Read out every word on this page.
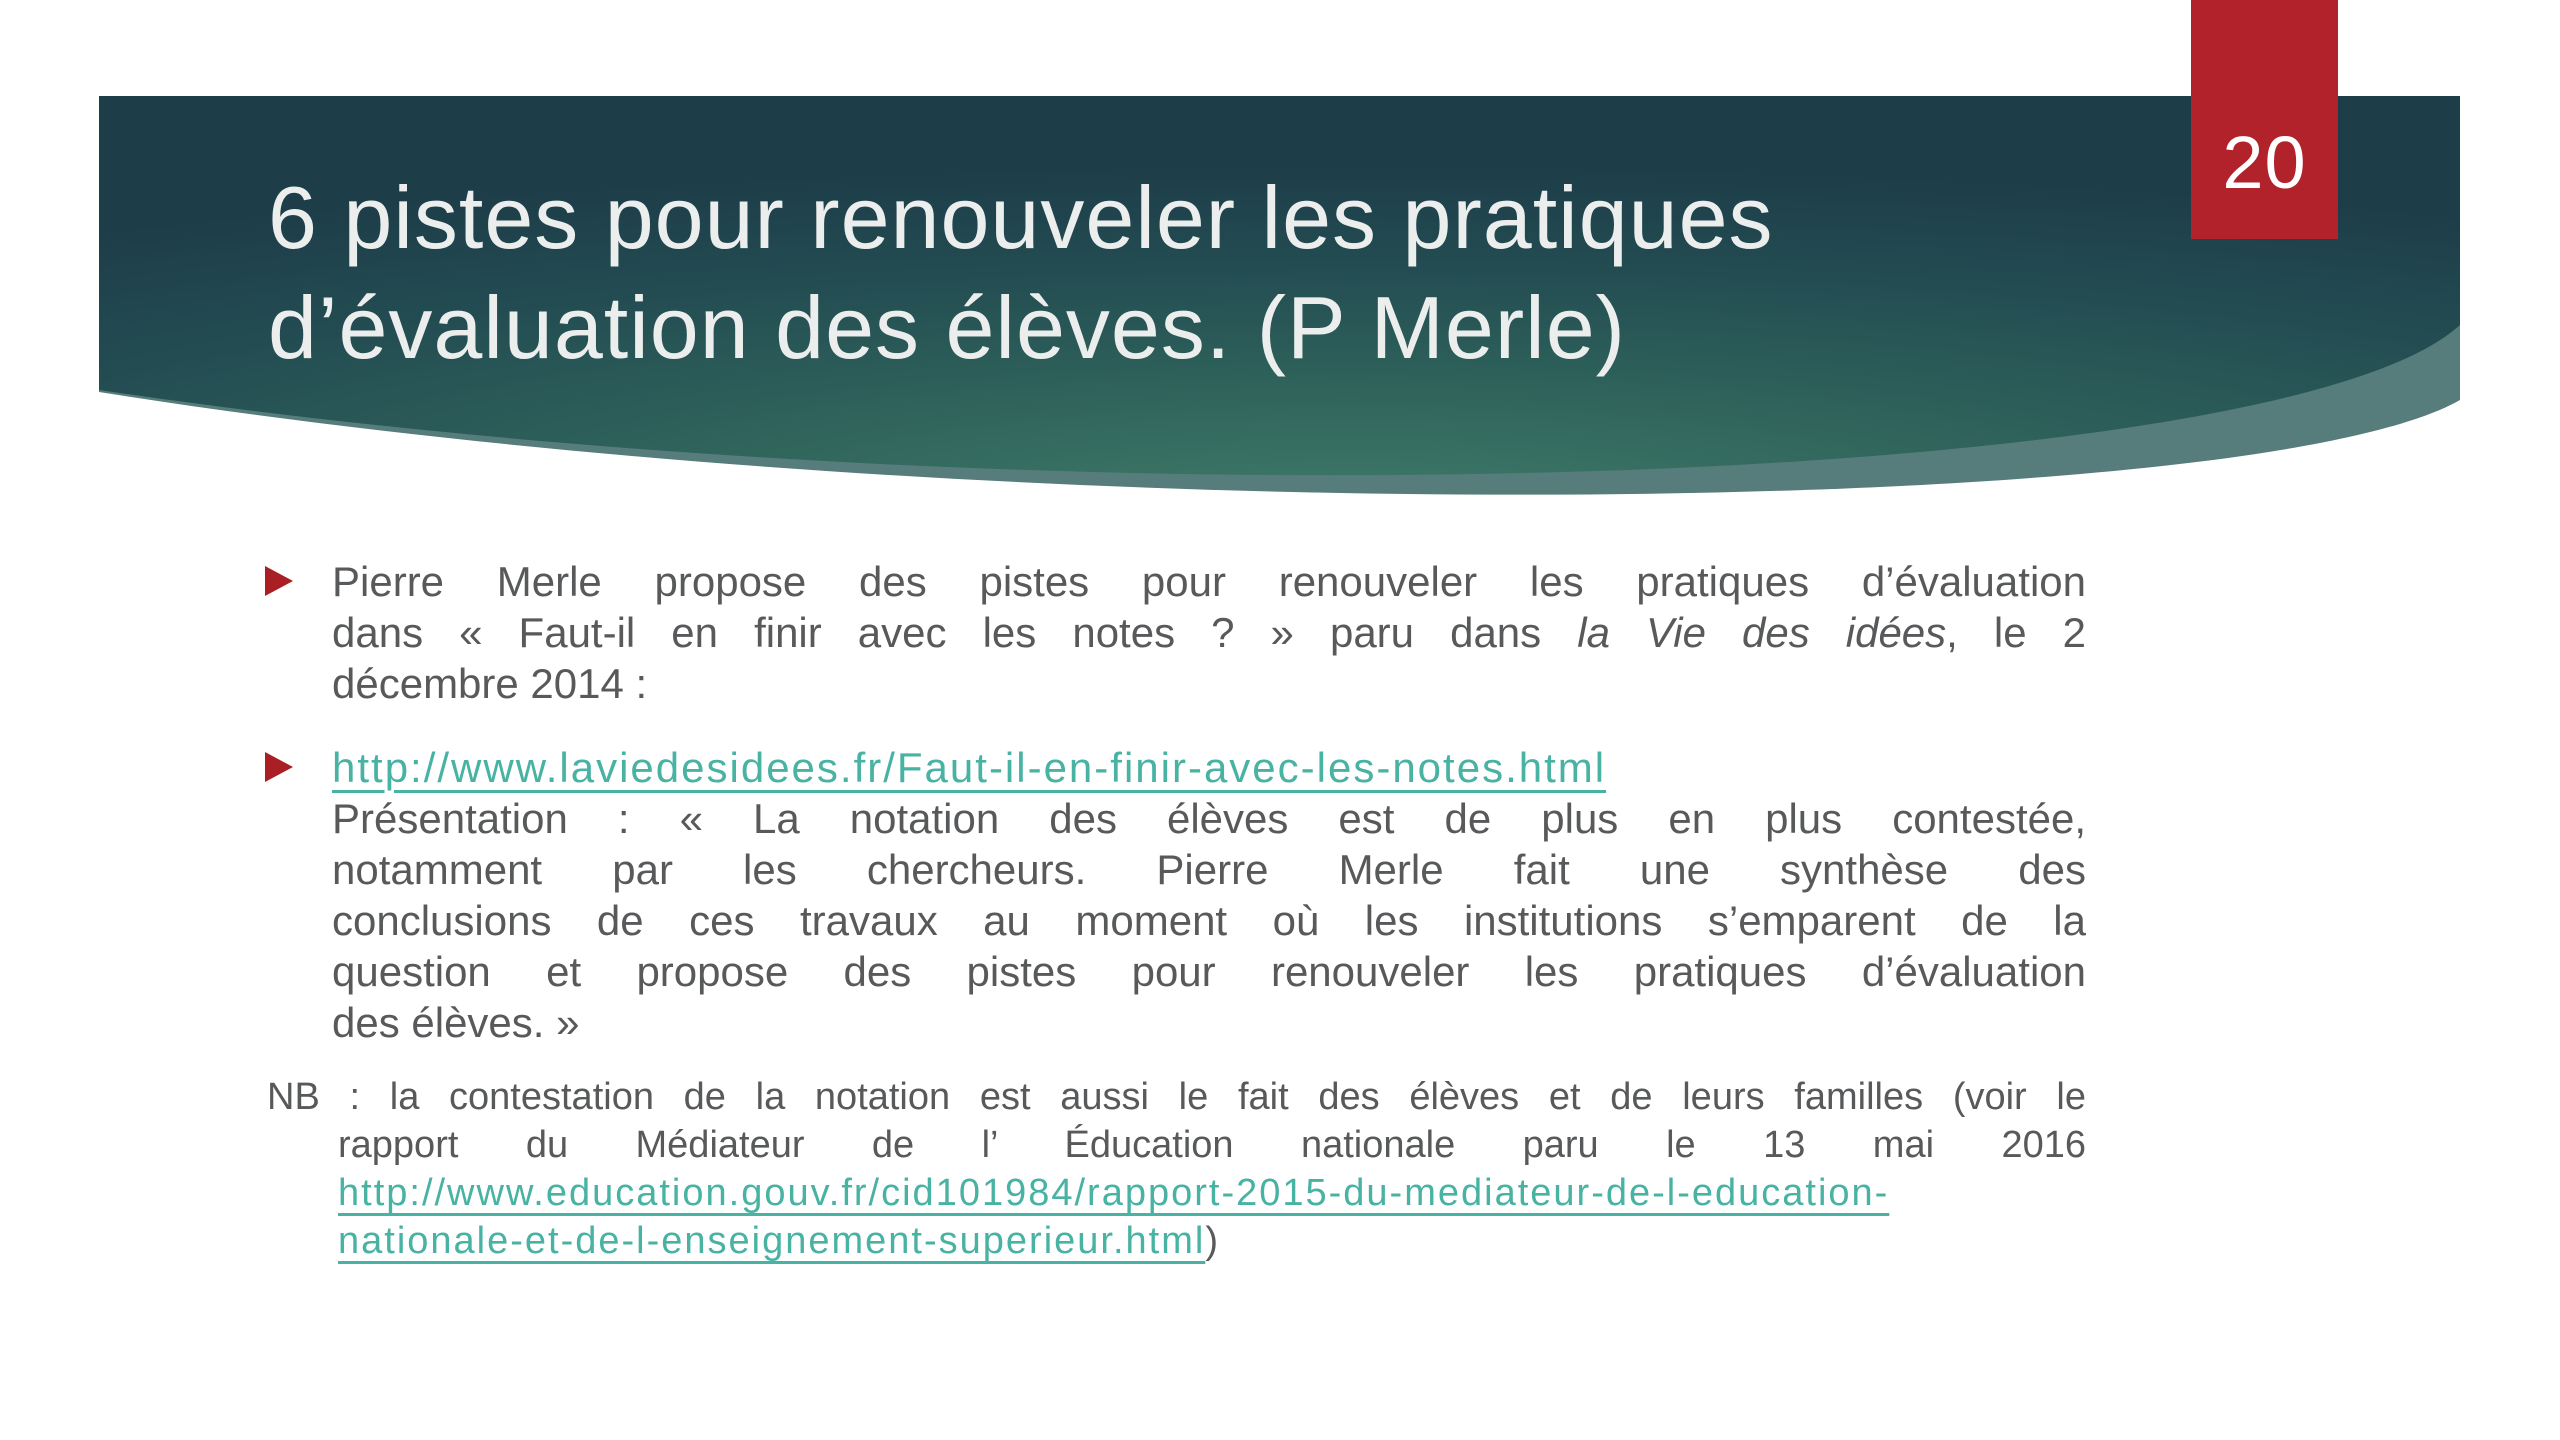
20
6 pistes pour renouveler les pratiques
d’évaluation des élèves. (P Merle)
Pierre Merle propose des pistes pour renouveler les pratiques d’évaluation
dans « Faut-il en finir avec les notes ? » paru dans la Vie des idées, le 2
décembre 2014 :
http://www.laviedesidees.fr/Faut-il-en-finir-avec-les-notes.html
Présentation : « La notation des élèves est de plus en plus contestée,
notamment par les chercheurs. Pierre Merle fait une synthèse des
conclusions de ces travaux au moment où les institutions s’emparent de la
question et propose des pistes pour renouveler les pratiques d’évaluation
des élèves. »
NB : la contestation de la notation est aussi le fait des élèves et de leurs familles (voir le
rapport du Médiateur de l’ Éducation nationale paru le 13 mai 2016
http://www.education.gouv.fr/cid101984/rapport-2015-du-mediateur-de-l-education-
nationale-et-de-l-enseignement-superieur.html)
